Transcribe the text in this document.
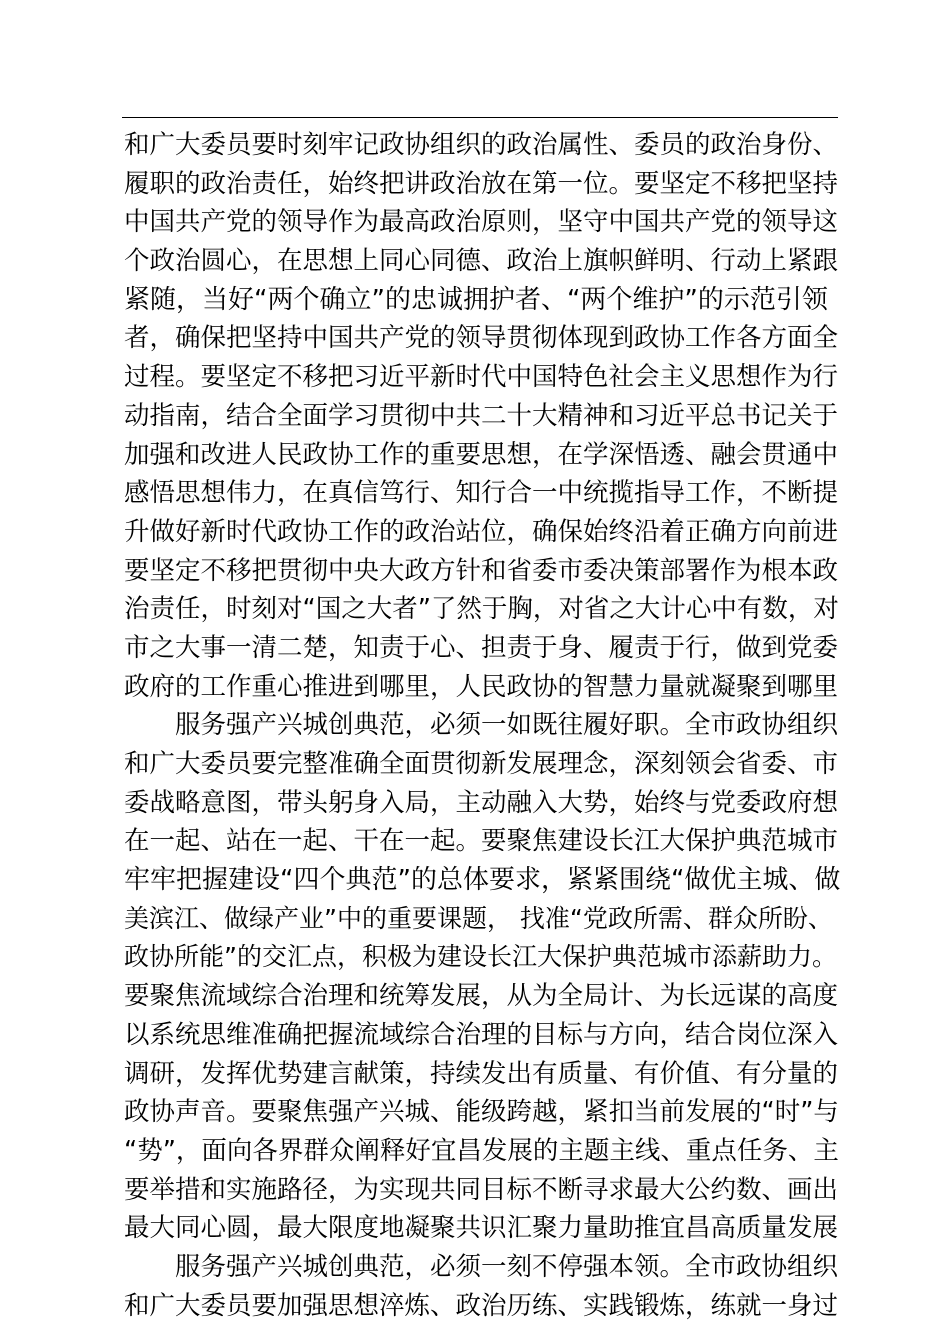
和广大委员要时刻牢记政协组织的政治属性、委员的政治身份、
履职的政治责任，始终把讲政治放在第一位。要坚定不移把坚持
中国共产党的领导作为最高政治原则，坚守中国共产党的领导这
个政治圆心，在思想上同心同德、政治上旗帜鲜明、行动上紧跟
紧随，当好“两个确立”的忠诚拥护者、“两个维护”的示范引领
者，确保把坚持中国共产党的领导贯彻体现到政协工作各方面全
过程。要坚定不移把习近平新时代中国特色社会主义思想作为行
动指南，结合全面学习贯彻中共二十大精神和习近平总书记关于
加强和改进人民政协工作的重要思想，在学深悟透、融会贯通中
感悟思想伟力，在真信笃行、知行合一中统揽指导工作，不断提
升做好新时代政协工作的政治站位，确保始终沿着正确方向前进
要坚定不移把贯彻中央大政方针和省委市委决策部署作为根本政
治责任，时刻对“国之大者”了然于胸，对省之大计心中有数，对
市之大事一清二楚，知责于心、担责于身、履责于行，做到党委
政府的工作重心推进到哪里，人民政协的智慧力量就凝聚到哪里
服务强产兴城创典范，必须一如既往履好职。全市政协组织
和广大委员要完整准确全面贯彻新发展理念，深刻领会省委、市
委战略意图，带头躬身入局，主动融入大势，始终与党委政府想
在一起、站在一起、干在一起。要聚焦建设长江大保护典范城市
牢牢把握建设“四个典范”的总体要求，紧紧围绕“做优主城、做
美滨江、做绿产业”中的重要课题， 找准“党政所需、群众所盼、
政协所能”的交汇点，积极为建设长江大保护典范城市添薪助力。
要聚焦流域综合治理和统筹发展，从为全局计、为长远谋的高度
以系统思维准确把握流域综合治理的目标与方向，结合岗位深入
调研，发挥优势建言献策，持续发出有质量、有价值、有分量的
政协声音。要聚焦强产兴城、能级跨越，紧扣当前发展的“时”与
“势”，面向各界群众阐释好宜昌发展的主题主线、重点任务、主
要举措和实施路径，为实现共同目标不断寻求最大公约数、画出
最大同心圆，最大限度地凝聚共识汇聚力量助推宜昌高质量发展
服务强产兴城创典范，必须一刻不停强本领。全市政协组织
和广大委员要加强思想淬炼、政治历练、实践锻炼，练就一身过
